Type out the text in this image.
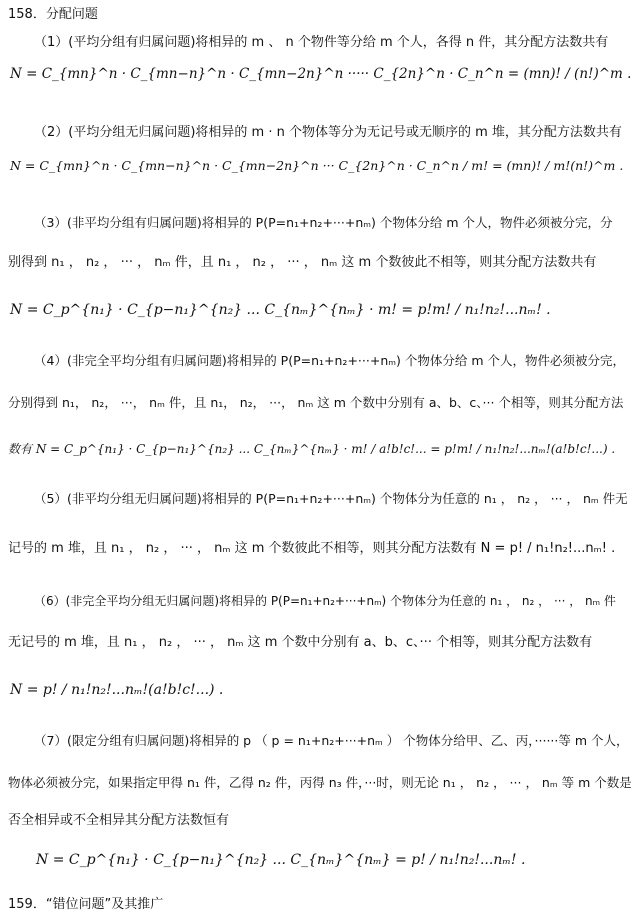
158．分配问题
（1）(平均分组有归属问题)将相异的 m 、 n 个物件等分给 m 个人，各得 n 件，其分配方法数共有
N = C_{mn}^n · C_{mn−n}^n · C_{mn−2n}^n ····· C_{2n}^n · C_n^n = (mn)! / (n!)^m .
（2）(平均分组无归属问题)将相异的 m · n 个物体等分为无记号或无顺序的 m 堆，其分配方法数共有
N = C_{mn}^n · C_{mn−n}^n · C_{mn−2n}^n ··· C_{2n}^n · C_n^n / m! = (mn)! / m!(n!)^m .
（3）(非平均分组有归属问题)将相异的 P(P=n₁+n₂+···+nₘ) 个物体分给 m 个人，物件必须被分完，分
别得到 n₁ ， n₂ ， ··· ， nₘ 件，且 n₁ ， n₂ ， ··· ， nₘ 这 m 个数彼此不相等，则其分配方法数共有
N = C_p^{n₁} · C_{p−n₁}^{n₂} ... C_{nₘ}^{nₘ} · m! = p!m! / n₁!n₂!...nₘ! .
（4）(非完全平均分组有归属问题)将相异的 P(P=n₁+n₂+···+nₘ) 个物体分给 m 个人，物件必须被分完，
分别得到 n₁， n₂， ···， nₘ 件，且 n₁， n₂， ···， nₘ 这 m 个数中分别有 a、b、c、··· 个相等，则其分配方法
数有 N = C_p^{n₁} · C_{p−n₁}^{n₂} ... C_{nₘ}^{nₘ} · m! / a!b!c!... = p!m! / n₁!n₂!...nₘ!(a!b!c!...) .
（5）(非平均分组无归属问题)将相异的 P(P=n₁+n₂+···+nₘ) 个物体分为任意的 n₁ ， n₂ ， ··· ， nₘ 件无
记号的 m 堆，且 n₁ ， n₂ ， ··· ， nₘ 这 m 个数彼此不相等，则其分配方法数有 N = p! / n₁!n₂!...nₘ! .
（6）(非完全平均分组无归属问题)将相异的 P(P=n₁+n₂+···+nₘ) 个物体分为任意的 n₁ ， n₂ ， ··· ， nₘ 件
无记号的 m 堆，且 n₁ ， n₂ ， ··· ， nₘ 这 m 个数中分别有 a、b、c、··· 个相等，则其分配方法数有
N = p! / n₁!n₂!...nₘ!(a!b!c!...) .
（7）(限定分组有归属问题)将相异的 p （ p = n₁+n₂+···+nₘ ） 个物体分给甲、乙、丙，······等 m 个人，
物体必须被分完，如果指定甲得 n₁ 件，乙得 n₂ 件，丙得 n₃ 件，···时，则无论 n₁ ， n₂ ， ··· ， nₘ 等 m 个数是
否全相异或不全相异其分配方法数恒有
N = C_p^{n₁} · C_{p−n₁}^{n₂} ... C_{nₘ}^{nₘ} = p! / n₁!n₂!...nₘ! .
159．“错位问题”及其推广
